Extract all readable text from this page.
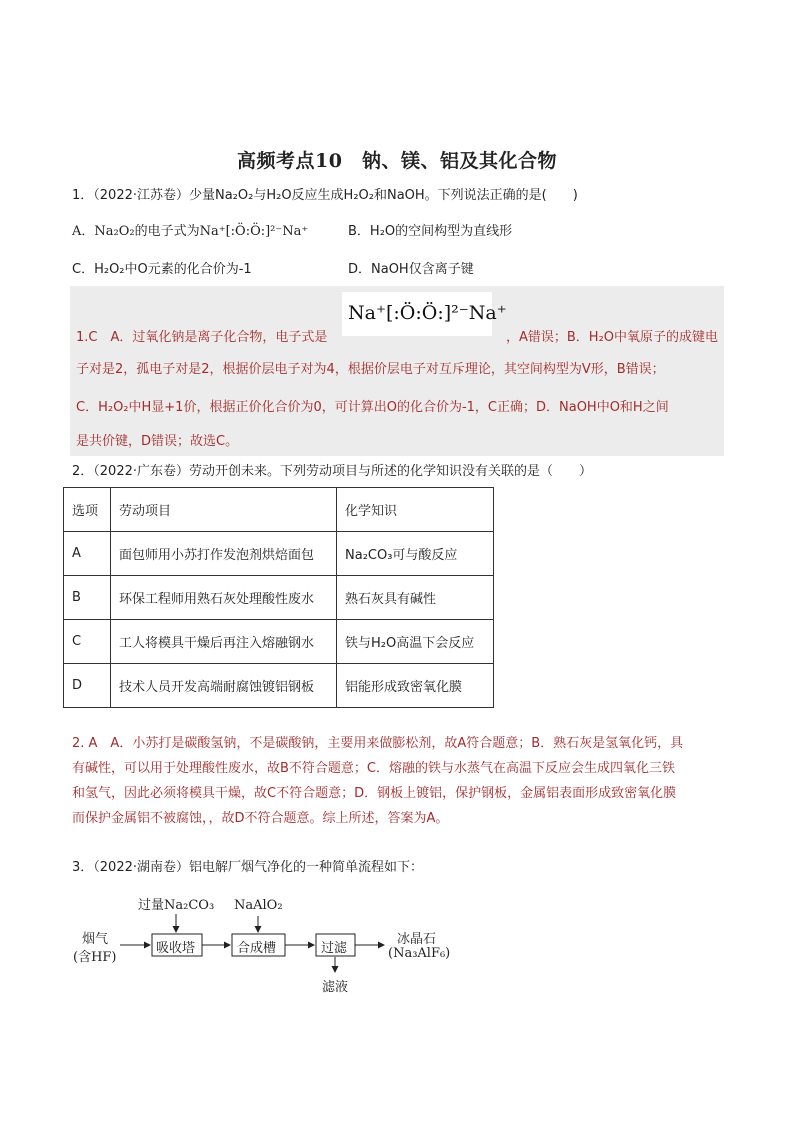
高频考点10　钠、镁、铝及其化合物
1．（2022·江苏卷）少量Na₂O₂与H₂O反应生成H₂O₂和NaOH。下列说法正确的是(　　)
A．Na₂O₂的电子式为Na⁺[:Ö:Ö:]²⁻Na⁺	B．H₂O的空间构型为直线形
C．H₂O₂中O元素的化合价为-1	D．NaOH仅含离子键
1.C　A．过氧化钠是离子化合物，电子式是
Na⁺[:Ö:Ö:]²⁻Na⁺
，A错误；B．H₂O中氧原子的成键电
子对是2，孤电子对是2，根据价层电子对为4，根据价层电子对互斥理论，其空间构型为V形，B错误；
C．H₂O₂中H显+1价，根据正价化合价为0，可计算出O的化合价为-1，C正确；D．NaOH中O和H之间
是共价键，D错误；故选C。
2．（2022·广东卷）劳动开创未来。下列劳动项目与所述的化学知识没有关联的是（　　）
选项	劳动项目	化学知识
A	面包师用小苏打作发泡剂烘焙面包	Na₂CO₃可与酸反应
B	环保工程师用熟石灰处理酸性废水	熟石灰具有碱性
C	工人将模具干燥后再注入熔融钢水	铁与H₂O高温下会反应
D	技术人员开发高端耐腐蚀镀铝钢板	铝能形成致密氧化膜
2. A　A．小苏打是碳酸氢钠，不是碳酸钠，主要用来做膨松剂，故A符合题意；B．熟石灰是氢氧化钙，具
有碱性，可以用于处理酸性废水，故B不符合题意；C．熔融的铁与水蒸气在高温下反应会生成四氧化三铁
和氢气，因此必须将模具干燥，故C不符合题意；D．钢板上镀铝，保护钢板，金属铝表面形成致密氧化膜
而保护金属铝不被腐蚀，，故D不符合题意。综上所述，答案为A。
3．（2022·湖南卷）铝电解厂烟气净化的一种简单流程如下：
烟气
(含HF)
过量Na₂CO₃ NaAlO₂
吸收塔	合成槽	过滤
冰晶石
(Na₃AlF₆)
滤液
